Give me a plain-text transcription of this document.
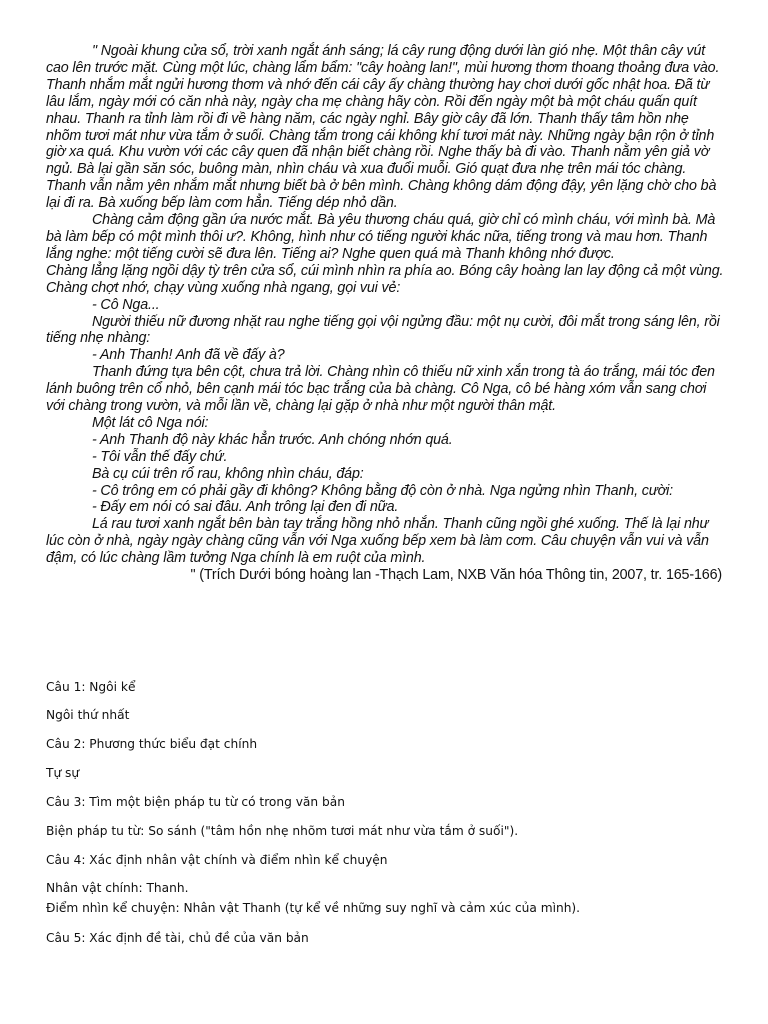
" Ngoài khung cửa sổ, trời xanh ngắt ánh sáng; lá cây rung động dưới làn gió nhẹ. Một thân cây vút cao lên trước mặt. Cùng một lúc, chàng lẩm bẩm: "cây hoàng lan!", mùi hương thơm thoang thoảng đưa vào. Thanh nhắm mắt ngửi hương thơm và nhớ đến cái cây ấy chàng thường hay chơi dưới gốc nhật hoa. Đã từ lâu lắm, ngày mới có căn nhà này, ngày cha mẹ chàng hãy còn. Rồi đến ngày một bà một cháu quấn quít nhau. Thanh ra tỉnh làm rồi đi về hàng năm, các ngày nghỉ. Bây giờ cây đã lớn. Thanh thấy tâm hồn nhẹ nhõm tươi mát như vừa tắm ở suối. Chàng tắm trong cái không khí tươi mát này. Những ngày bận rộn ở tỉnh giờ xa quá. Khu vườn với các cây quen đã nhận biết chàng rồi. Nghe thấy bà đi vào. Thanh nằm yên giả vờ ngủ. Bà lại gần săn sóc, buông màn, nhìn cháu và xua đuổi muỗi. Gió quạt đưa nhẹ trên mái tóc chàng. Thanh vẫn nằm yên nhắm mắt nhưng biết bà ở bên mình. Chàng không dám động đậy, yên lặng chờ cho bà lại đi ra. Bà xuống bếp làm cơm hẳn. Tiếng dép nhỏ dần.

Chàng cảm động gần ứa nước mắt. Bà yêu thương cháu quá, giờ chỉ có mình cháu, với mình bà. Mà bà làm bếp có một mình thôi ư?. Không, hình như có tiếng người khác nữa, tiếng trong và mau hơn. Thanh lắng nghe: một tiếng cười sẽ đưa lên. Tiếng ai? Nghe quen quá mà Thanh không nhớ được.

Chàng lẳng lặng ngồi dậy tỳ trên cửa sổ, cúi mình nhìn ra phía ao. Bóng cây hoàng lan lay động cả một vùng. Chàng chợt nhớ, chạy vùng xuống nhà ngang, gọi vui vẻ:

- Cô Nga...

Người thiếu nữ đương nhặt rau nghe tiếng gọi vội ngửng đầu: một nụ cười, đôi mắt trong sáng lên, rồi tiếng nhẹ nhàng:

- Anh Thanh! Anh đã về đấy à?

Thanh đứng tựa bên cột, chưa trả lời. Chàng nhìn cô thiếu nữ xinh xắn trong tà áo trắng, mái tóc đen lánh buông trên cổ nhỏ, bên cạnh mái tóc bạc trắng của bà chàng. Cô Nga, cô bé hàng xóm vẫn sang chơi với chàng trong vườn, và mỗi lần về, chàng lại gặp ở nhà như một người thân mật.

Một lát cô Nga nói:

- Anh Thanh độ này khác hẳn trước. Anh chóng nhớn quá.

- Tôi vẫn thế đấy chứ.

Bà cụ cúi trên rổ rau, không nhìn cháu, đáp:

- Cô trông em có phải gầy đi không? Không bằng độ còn ở nhà. Nga ngửng nhìn Thanh, cười:

- Đấy em nói có sai đâu. Anh trông lại đen đi nữa.

Lá rau tươi xanh ngắt bên bàn tay trắng hồng nhỏ nhắn. Thanh cũng ngồi ghé xuống. Thế là lại như lúc còn ở nhà, ngày ngày chàng cũng vẫn với Nga xuống bếp xem bà làm cơm. Câu chuyện vẫn vui và vẫn đậm, có lúc chàng lầm tưởng Nga chính là em ruột của mình.

" (Trích Dưới bóng hoàng lan -Thạch Lam, NXB Văn hóa Thông tin, 2007, tr. 165-166)

Câu 1: Ngôi kể
Ngôi thứ nhất
Câu 2: Phương thức biểu đạt chính
Tự sự
Câu 3: Tìm một biện pháp tu từ có trong văn bản
Biện pháp tu từ: So sánh ("tâm hồn nhẹ nhõm tươi mát như vừa tắm ở suối").
Câu 4: Xác định nhân vật chính và điểm nhìn kể chuyện
Nhân vật chính: Thanh.
Điểm nhìn kể chuyện: Nhân vật Thanh (tự kể về những suy nghĩ và cảm xúc của mình).
Câu 5: Xác định đề tài, chủ đề của văn bản
